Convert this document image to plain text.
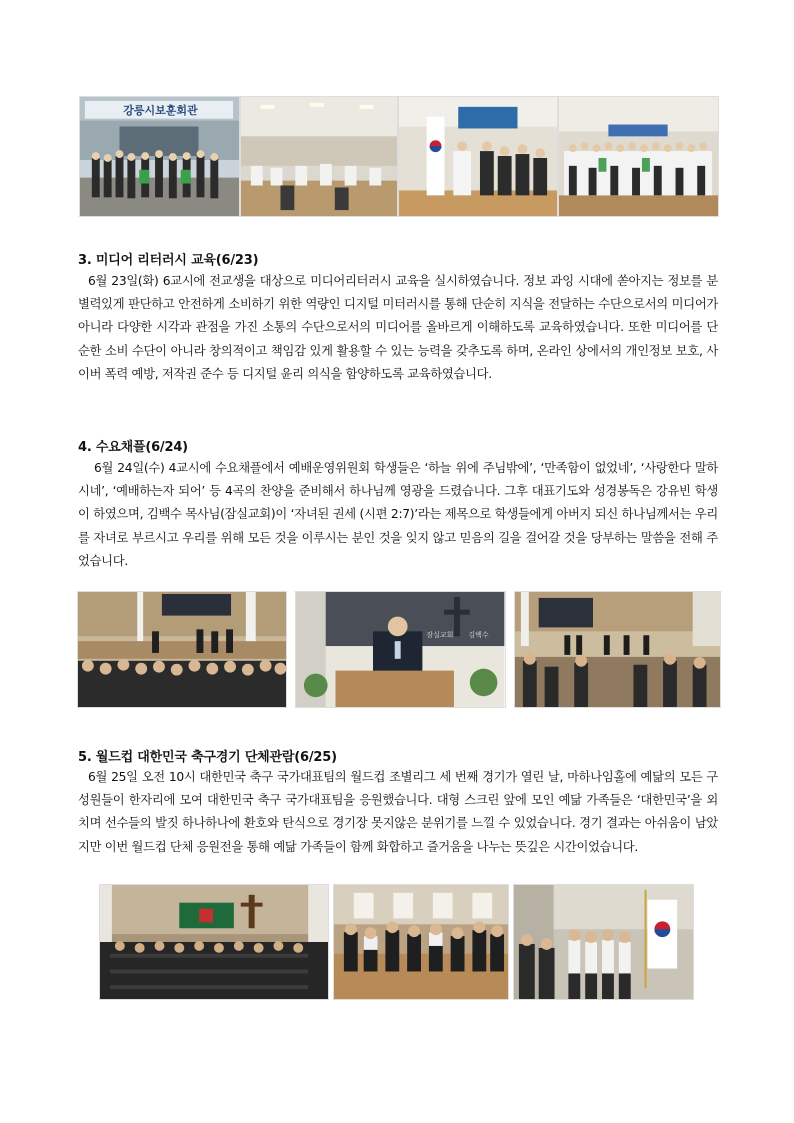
강릉시보훈회관
3. 미디어 리터러시 교육(6/23)

6월 23일(화) 6교시에 전교생을 대상으로 미디어리터러시 교육을 실시하였습니다. 정보 과잉 시대에 쏟아지는 정보를 분별력있게 판단하고 안전하게 소비하기 위한 역량인 디지털 미터러시를 통해 단순히 지식을 전달하는 수단으로서의 미디어가 아니라 다양한 시각과 관점을 가진 소통의 수단으로서의 미디어를 올바르게 이해하도록 교육하였습니다. 또한 미디어를 단순한 소비 수단이 아니라 창의적이고 책임감 있게 활용할 수 있는 능력을 갖추도록 하며, 온라인 상에서의 개인정보 보호, 사이버 폭력 예방, 저작권 준수 등 디지털 윤리 의식을 함양하도록 교육하였습니다.

4. 수요채플(6/24)

6월 24일(수) 4교시에 수요채플에서 예배운영위원회 학생들은 ‘하늘 위에 주님밖에’, ‘만족함이 없었네’, ‘사랑한다 말하시네’, ‘예배하는자 되어’ 등 4곡의 찬양을 준비해서 하나님께 영광을 드렸습니다. 그후 대표기도와 성경봉독은 강유빈 학생이 하였으며, 김백수 목사님(잠실교회)이 ‘자녀된 권세 (시편 2:7)’라는 제목으로 학생들에게 아버지 되신 하나님께서는 우리를 자녀로 부르시고 우리를 위해 모든 것을 이루시는 분인 것을 잊지 않고 믿음의 길을 걸어갈 것을 당부하는 말씀을 전해 주었습니다.

잠실교회 김백수
5. 월드컵 대한민국 축구경기 단체관람(6/25)

6월 25일 오전 10시 대한민국 축구 국가대표팀의 월드컵 조별리그 세 번째 경기가 열린 날, 마하나임홀에 예닮의 모든 구성원들이 한자리에 모여 대한민국 축구 국가대표팀을 응원했습니다. 대형 스크린 앞에 모인 예닮 가족들은 ‘대한민국’을 외치며 선수들의 발짓 하나하나에 환호와 탄식으로 경기장 못지않은 분위기를 느낄 수 있었습니다. 경기 결과는 아쉬움이 남았지만 이번 월드컵 단체 응원전을 통해 예닮 가족들이 함께 화합하고 즐거움을 나누는 뜻깊은 시간이었습니다.
